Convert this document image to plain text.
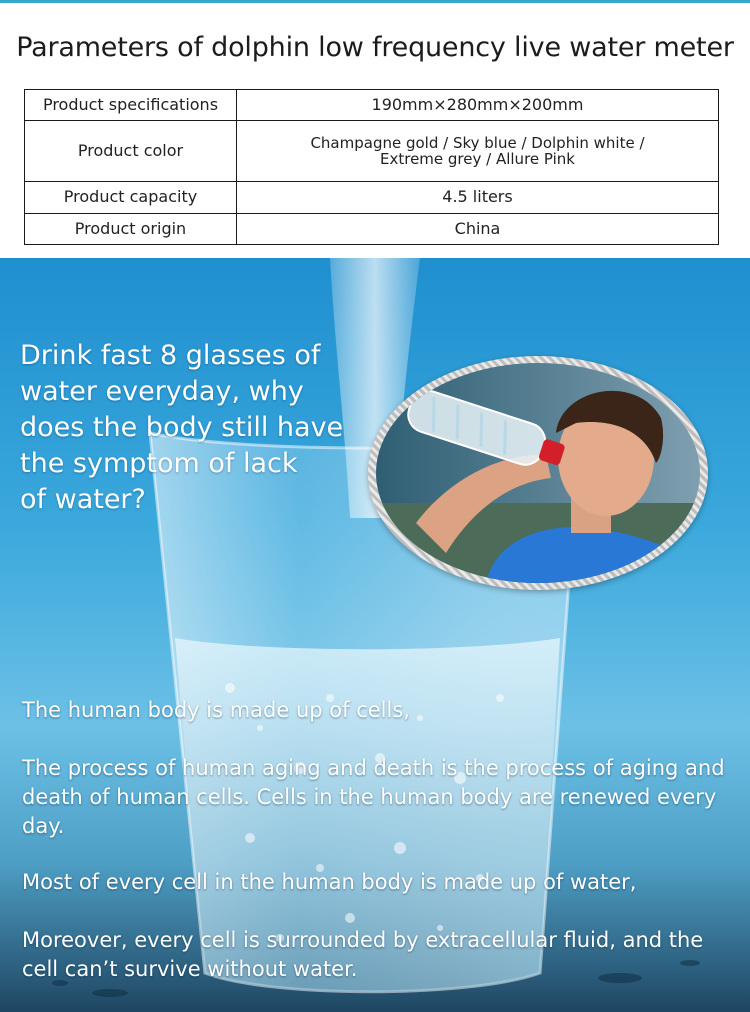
Parameters of dolphin low frequency live water meter
Product specifications	190mm×280mm×200mm
Product color	Champagne gold / Sky blue / Dolphin white /
Extreme grey / Allure Pink
Product capacity	4.5 liters
Product origin	China
Drink fast 8 glasses of
water everyday, why
does the body still have
the symptom of lack
of water?
The human body is made up of cells,
The process of human aging and death is the process of aging and death of human cells. Cells in the human body are renewed every day.
Most of every cell in the human body is made up of water,
Moreover, every cell is surrounded by extracellular fluid, and the cell can’t survive without water.
